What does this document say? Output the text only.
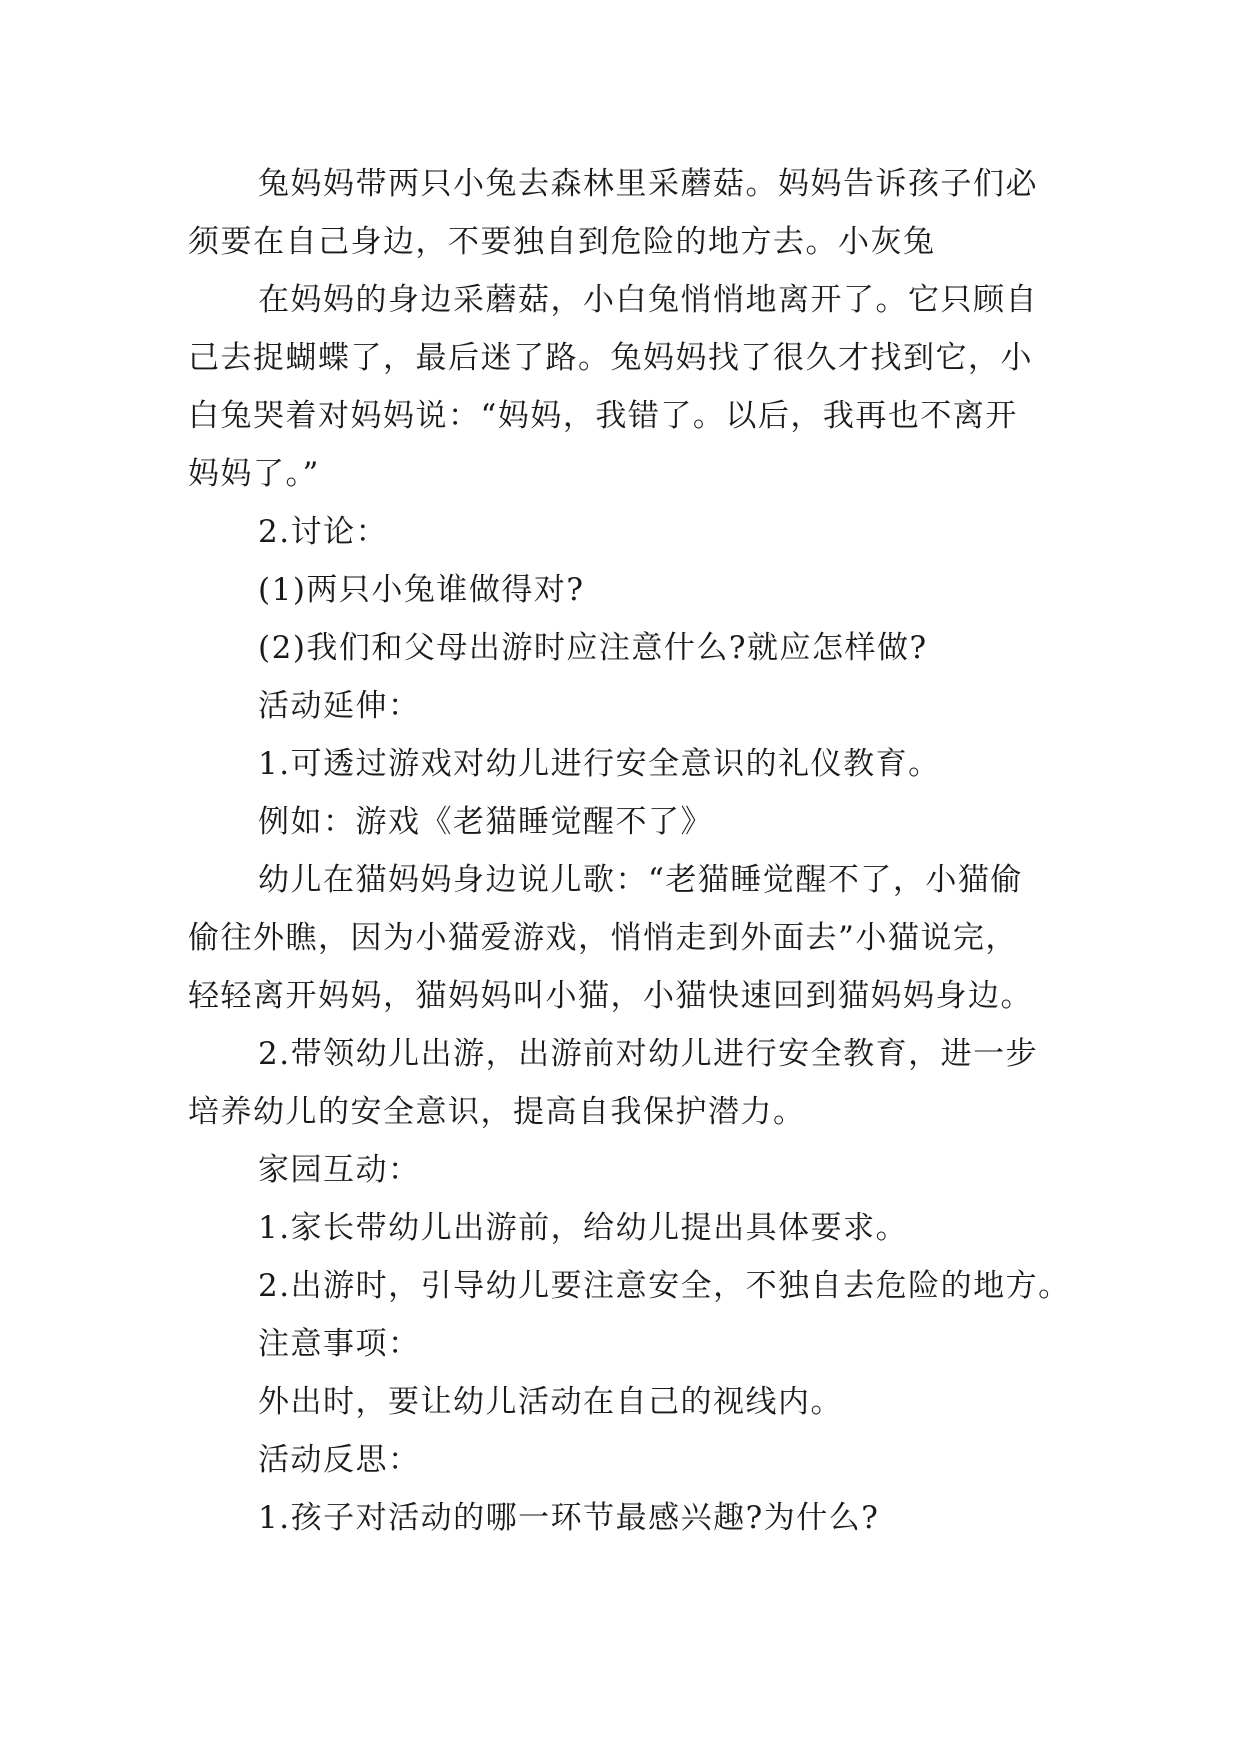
兔妈妈带两只小兔去森林里采蘑菇。妈妈告诉孩子们必
须要在自己身边，不要独自到危险的地方去。小灰兔
在妈妈的身边采蘑菇，小白兔悄悄地离开了。它只顾自
己去捉蝴蝶了，最后迷了路。兔妈妈找了很久才找到它，小
白兔哭着对妈妈说：“妈妈，我错了。以后，我再也不离开
妈妈了。”
2.讨论：
(1)两只小兔谁做得对?
(2)我们和父母出游时应注意什么?就应怎样做?
活动延伸：
1.可透过游戏对幼儿进行安全意识的礼仪教育。
例如：游戏《老猫睡觉醒不了》
幼儿在猫妈妈身边说儿歌：“老猫睡觉醒不了，小猫偷
偷往外瞧，因为小猫爱游戏，悄悄走到外面去”小猫说完，
轻轻离开妈妈，猫妈妈叫小猫，小猫快速回到猫妈妈身边。
2.带领幼儿出游，出游前对幼儿进行安全教育，进一步
培养幼儿的安全意识，提高自我保护潜力。
家园互动：
1.家长带幼儿出游前，给幼儿提出具体要求。
2.出游时，引导幼儿要注意安全，不独自去危险的地方。
注意事项：
外出时，要让幼儿活动在自己的视线内。
活动反思：
1.孩子对活动的哪一环节最感兴趣?为什么?
